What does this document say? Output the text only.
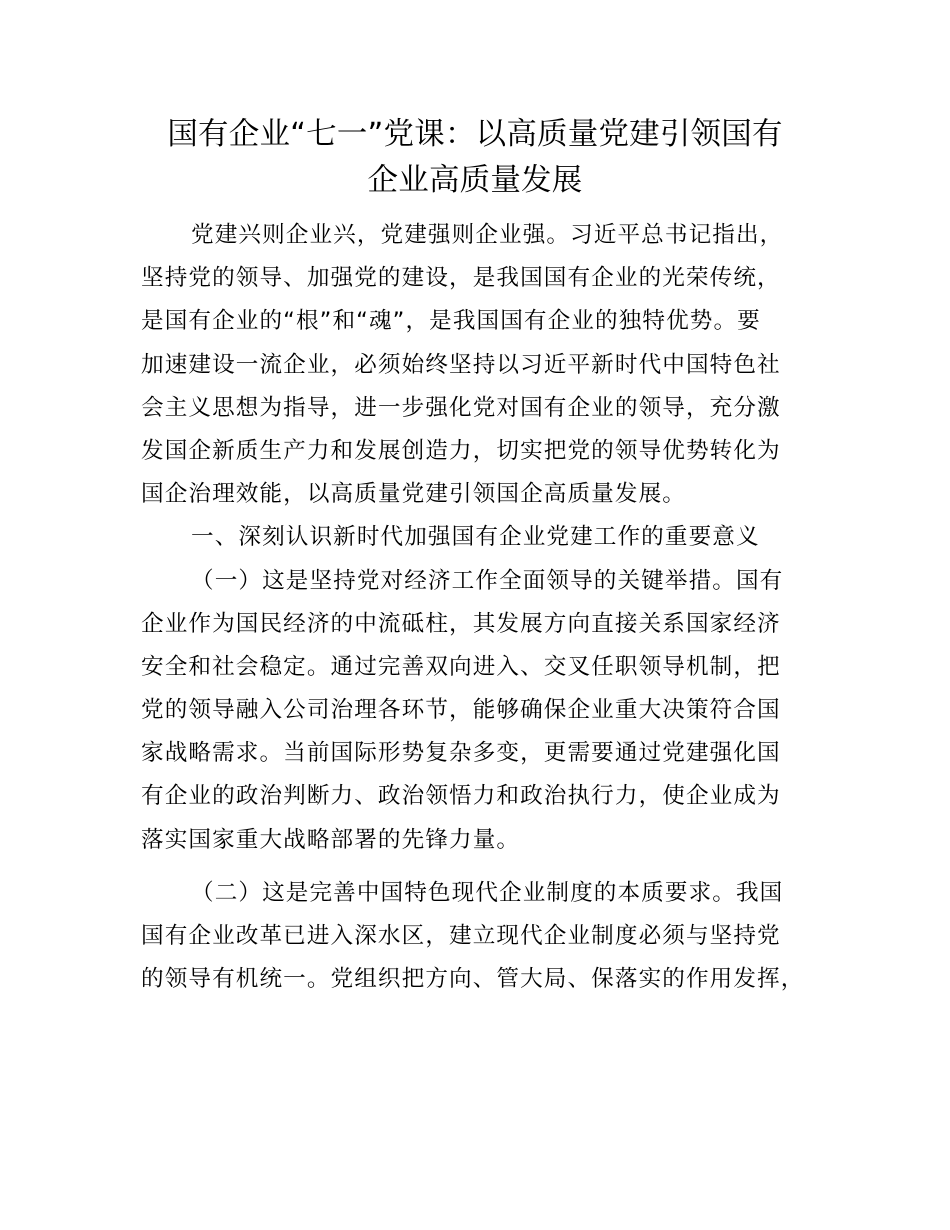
国有企业“七一”党课：以高质量党建引领国有
企业高质量发展
党建兴则企业兴，党建强则企业强。习近平总书记指出，
坚持党的领导、加强党的建设，是我国国有企业的光荣传统，
是国有企业的“根”和“魂”，是我国国有企业的独特优势。要
加速建设一流企业，必须始终坚持以习近平新时代中国特色社
会主义思想为指导，进一步强化党对国有企业的领导，充分激
发国企新质生产力和发展创造力，切实把党的领导优势转化为
国企治理效能，以高质量党建引领国企高质量发展。
一、深刻认识新时代加强国有企业党建工作的重要意义
（一）这是坚持党对经济工作全面领导的关键举措。国有
企业作为国民经济的中流砥柱，其发展方向直接关系国家经济
安全和社会稳定。通过完善双向进入、交叉任职领导机制，把
党的领导融入公司治理各环节，能够确保企业重大决策符合国
家战略需求。当前国际形势复杂多变，更需要通过党建强化国
有企业的政治判断力、政治领悟力和政治执行力，使企业成为
落实国家重大战略部署的先锋力量。
（二）这是完善中国特色现代企业制度的本质要求。我国
国有企业改革已进入深水区，建立现代企业制度必须与坚持党
的领导有机统一。党组织把方向、管大局、保落实的作用发挥，
